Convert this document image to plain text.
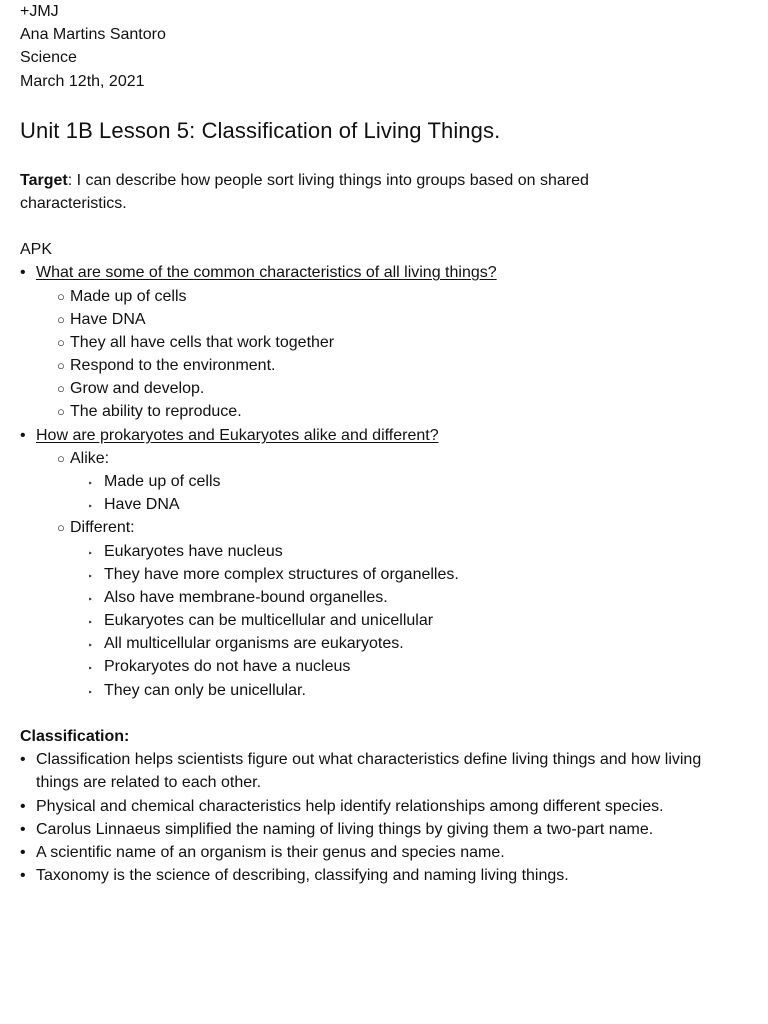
+JMJ
Ana Martins Santoro
Science
March 12th, 2021
Unit 1B Lesson 5: Classification of Living Things.
Target: I can describe how people sort living things into groups based on shared characteristics.
APK
• What are some of the common characteristics of all living things?
○ Made up of cells
○ Have DNA
○ They all have cells that work together
○ Respond to the environment.
○ Grow and develop.
○ The ability to reproduce.
• How are prokaryotes and Eukaryotes alike and different?
○ Alike:
‣ Made up of cells
‣ Have DNA
○ Different:
‣ Eukaryotes have nucleus
‣ They have more complex structures of organelles.
‣ Also have membrane-bound organelles.
‣ Eukaryotes can be multicellular and unicellular
‣ All multicellular organisms are eukaryotes.
‣ Prokaryotes do not have a nucleus
‣ They can only be unicellular.
Classification:
• Classification helps scientists figure out what characteristics define living things and how living things are related to each other.
• Physical and chemical characteristics help identify relationships among different species.
• Carolus Linnaeus simplified the naming of living things by giving them a two-part name.
• A scientific name of an organism is their genus and species name.
• Taxonomy is the science of describing, classifying and naming living things.
